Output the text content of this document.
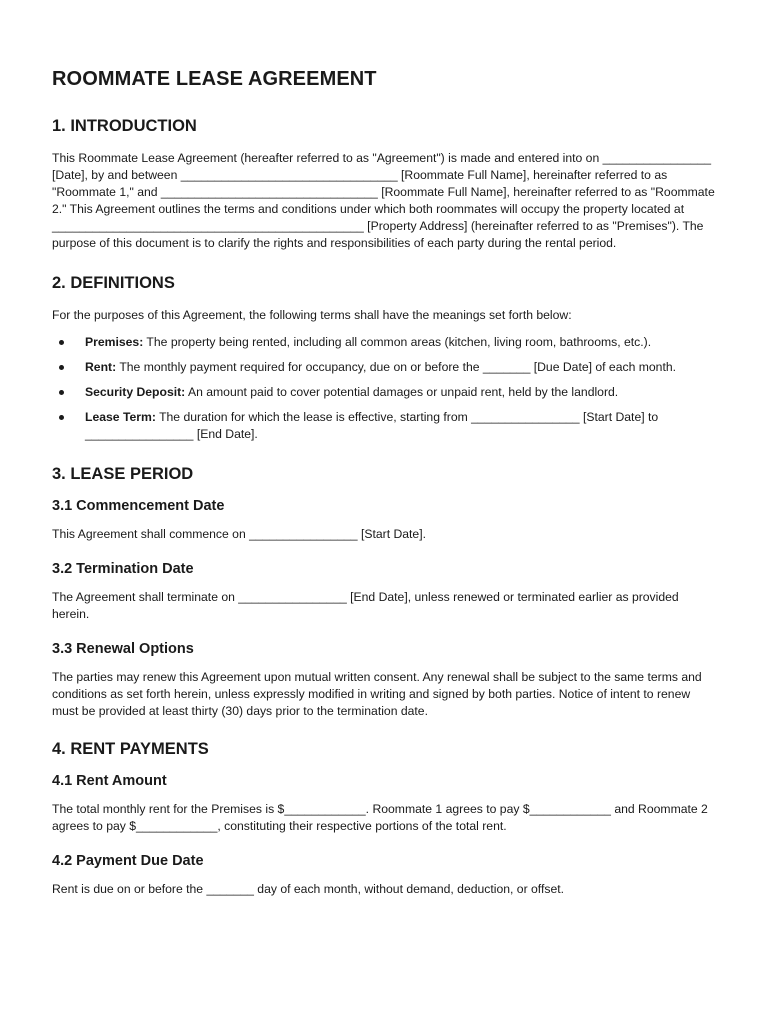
ROOMMATE LEASE AGREEMENT
1. INTRODUCTION

This Roommate Lease Agreement (hereafter referred to as "Agreement") is made and entered into on ________________ [Date], by and between ________________________________ [Roommate Full Name], hereinafter referred to as "Roommate 1," and ________________________________ [Roommate Full Name], hereinafter referred to as "Roommate 2." This Agreement outlines the terms and conditions under which both roommates will occupy the property located at ______________________________________________ [Property Address] (hereinafter referred to as "Premises"). The purpose of this document is to clarify the rights and responsibilities of each party during the rental period.

2. DEFINITIONS

For the purposes of this Agreement, the following terms shall have the meanings set forth below:

Premises: The property being rented, including all common areas (kitchen, living room, bathrooms, etc.).
Rent: The monthly payment required for occupancy, due on or before the _______ [Due Date] of each month.
Security Deposit: An amount paid to cover potential damages or unpaid rent, held by the landlord.
Lease Term: The duration for which the lease is effective, starting from ________________ [Start Date] to ________________ [End Date].
3. LEASE PERIOD
3.1 Commencement Date

This Agreement shall commence on ________________ [Start Date].

3.2 Termination Date

The Agreement shall terminate on ________________ [End Date], unless renewed or terminated earlier as provided herein.

3.3 Renewal Options

The parties may renew this Agreement upon mutual written consent. Any renewal shall be subject to the same terms and conditions as set forth herein, unless expressly modified in writing and signed by both parties. Notice of intent to renew must be provided at least thirty (30) days prior to the termination date.

4. RENT PAYMENTS
4.1 Rent Amount

The total monthly rent for the Premises is $____________. Roommate 1 agrees to pay $____________ and Roommate 2 agrees to pay $____________, constituting their respective portions of the total rent.

4.2 Payment Due Date

Rent is due on or before the _______ day of each month, without demand, deduction, or offset.
